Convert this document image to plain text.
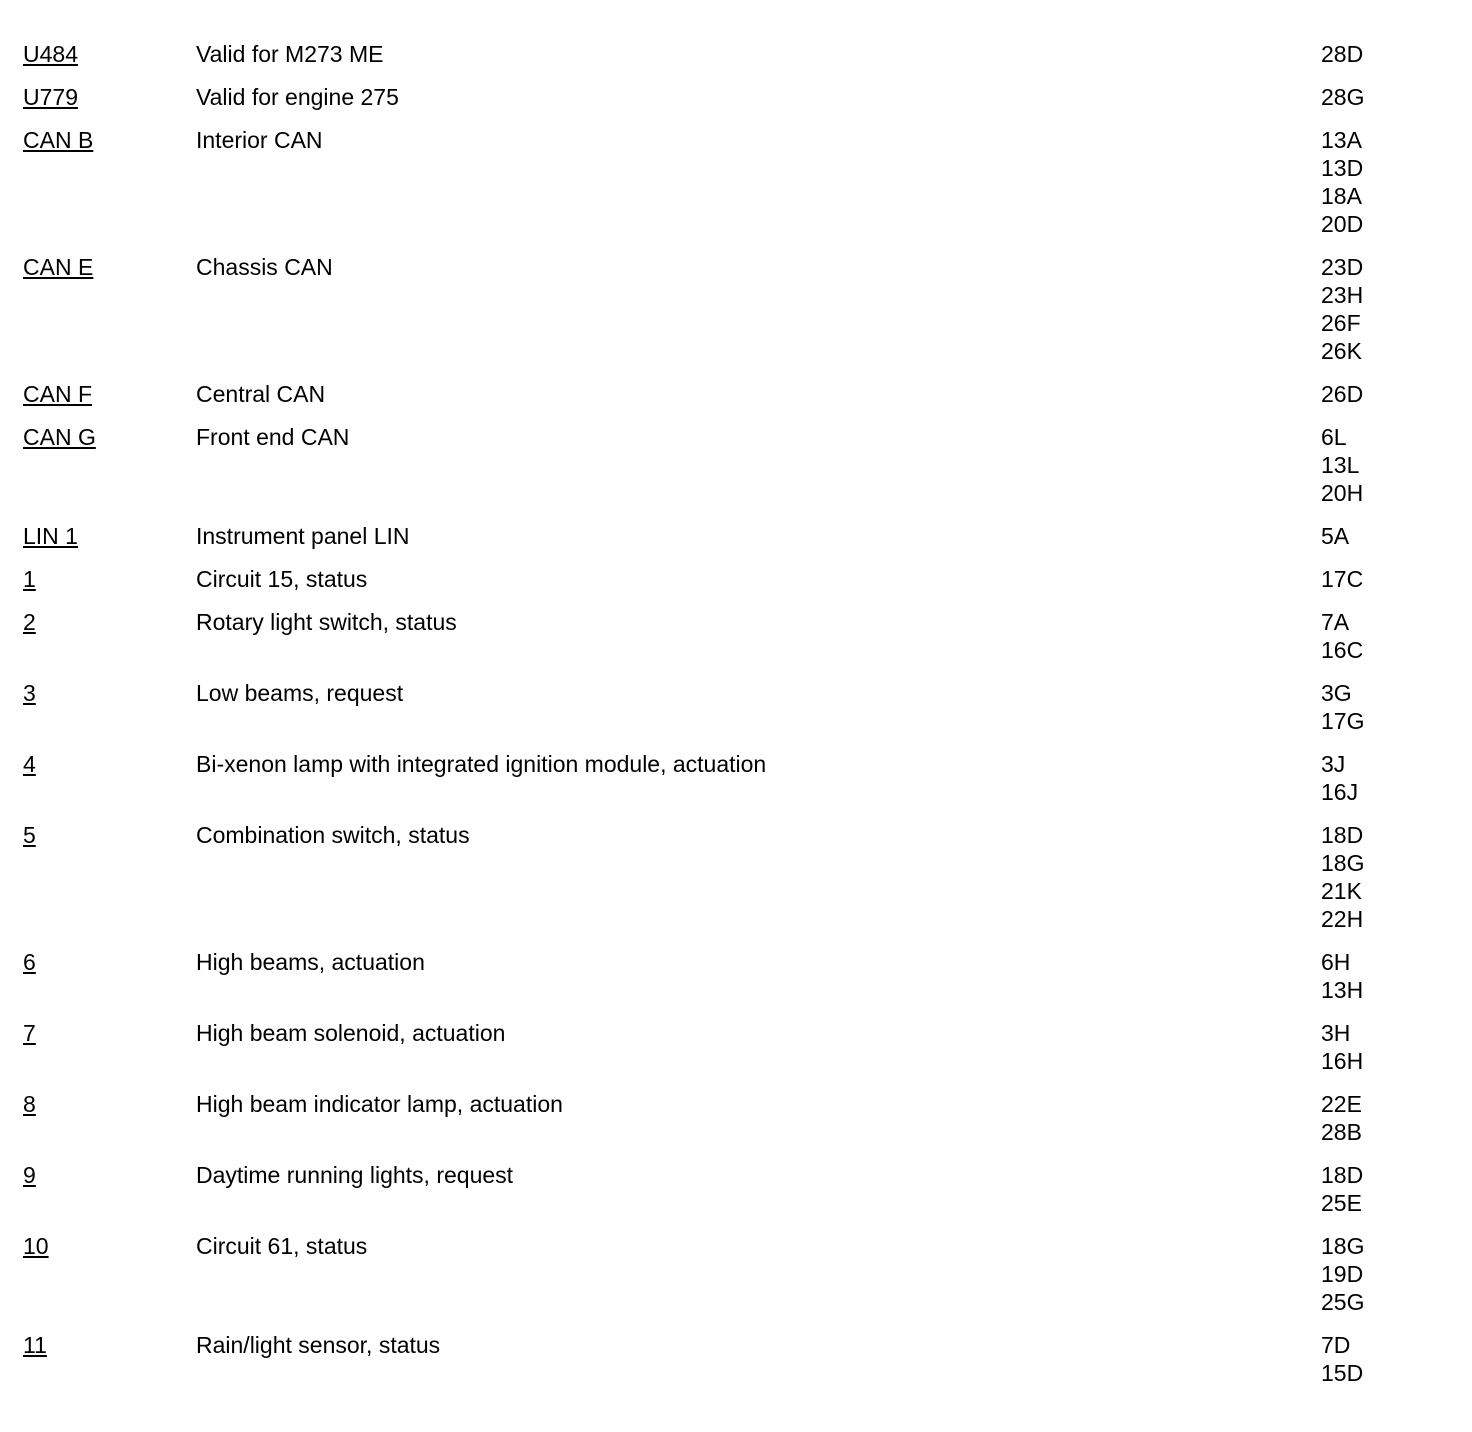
U484	Valid for M273 ME	28D
U779	Valid for engine 275	28G
CAN B	Interior CAN	13A
13D
18A
20D
CAN E	Chassis CAN	23D
23H
26F
26K
CAN F	Central CAN	26D
CAN G	Front end CAN	6L
13L
20H
LIN 1	Instrument panel LIN	5A
1	Circuit 15, status	17C
2	Rotary light switch, status	7A
16C
3	Low beams, request	3G
17G
4	Bi-xenon lamp with integrated ignition module, actuation	3J
16J
5	Combination switch, status	18D
18G
21K
22H
6	High beams, actuation	6H
13H
7	High beam solenoid, actuation	3H
16H
8	High beam indicator lamp, actuation	22E
28B
9	Daytime running lights, request	18D
25E
10	Circuit 61, status	18G
19D
25G
11	Rain/light sensor, status	7D
15D
